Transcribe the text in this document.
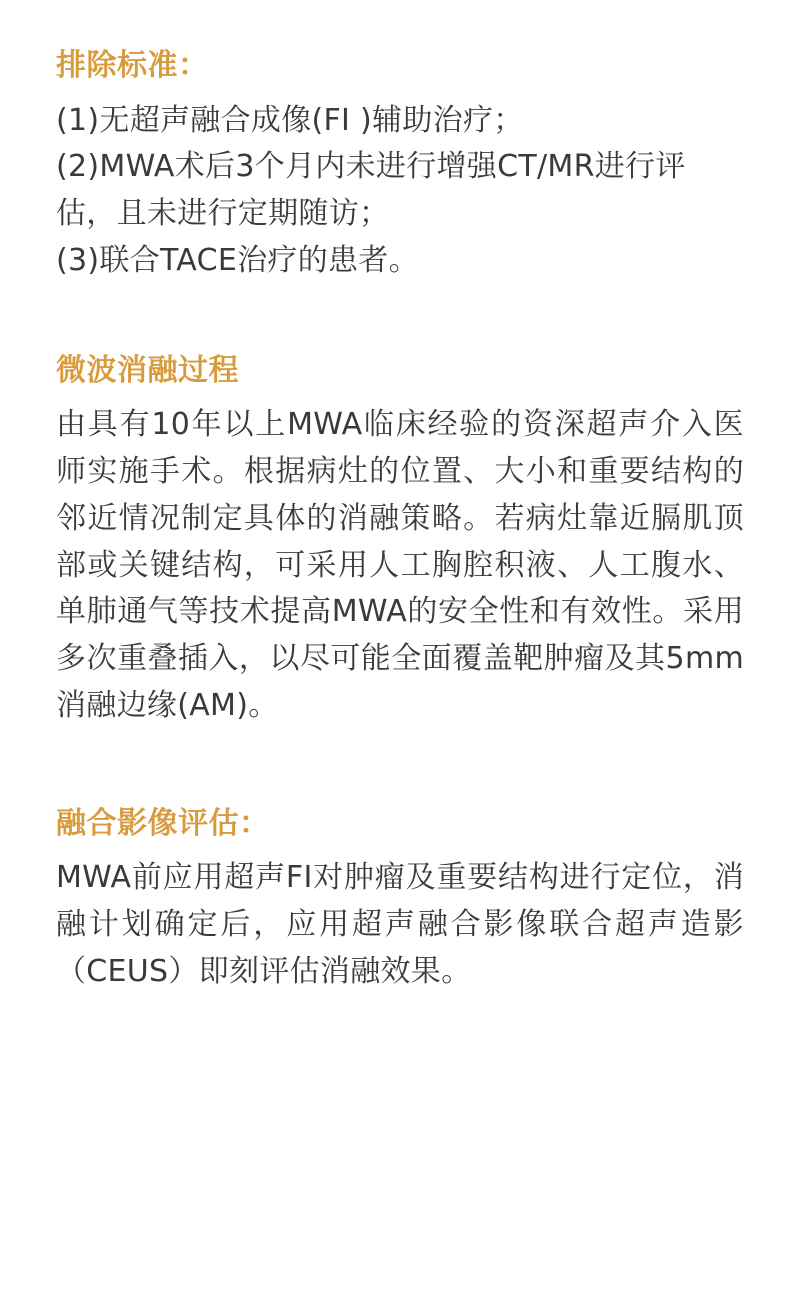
排除标准：

(1)无超声融合成像(FI )辅助治疗；
(2)MWA术后3个月内未进行增强CT/MR进行评估，且未进行定期随访；
(3)联合TACE治疗的患者。

微波消融过程

由具有10年以上MWA临床经验的资深超声介入医师实施手术。根据病灶的位置、大小和重要结构的邻近情况制定具体的消融策略。若病灶靠近膈肌顶部或关键结构，可采用人工胸腔积液、人工腹水、单肺通气等技术提高MWA的安全性和有效性。采用多次重叠插入，以尽可能全面覆盖靶肿瘤及其5mm消融边缘(AM)。

融合影像评估：

MWA前应用超声FI对肿瘤及重要结构进行定位，消融计划确定后，应用超声融合影像联合超声造影（CEUS）即刻评估消融效果。
